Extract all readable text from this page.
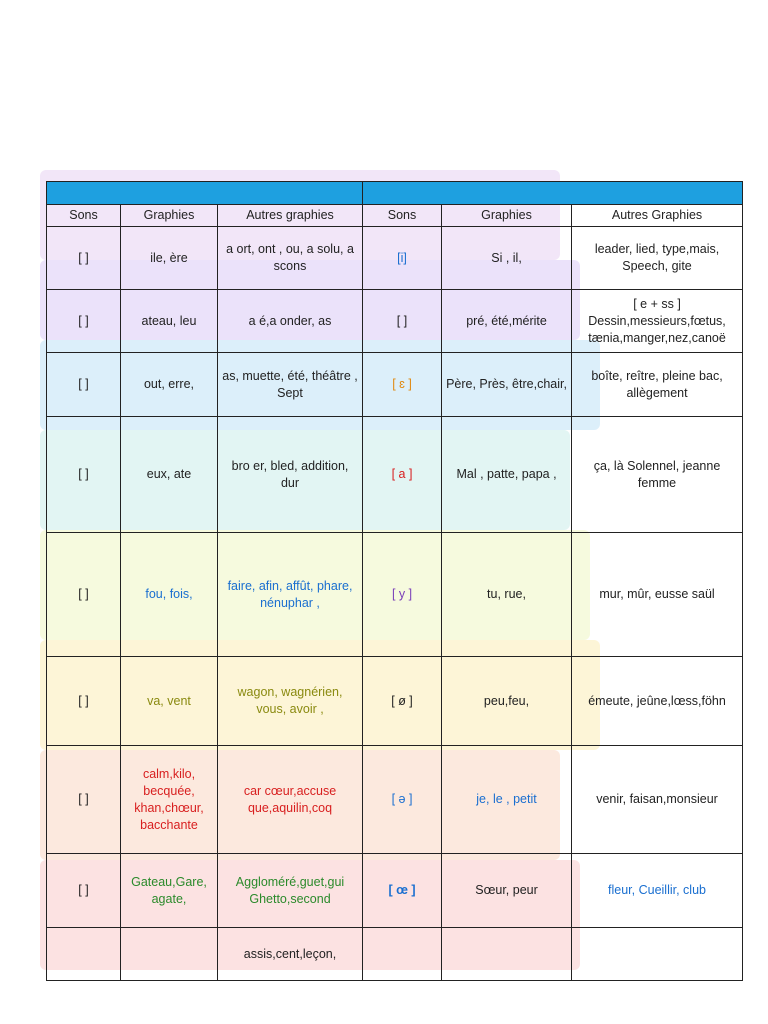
Sons	Graphies	Autres graphies	Sons	Graphies	Autres Graphies
[ ]	ile, ère	a ort, ont , ou, a solu, a scons	[i]	Si , il,	leader, lied, type,mais, Speech, gite
[ ]	ateau, leu	a é,a onder, as	[ ]	pré, été,mérite	[ e + ss ] Dessin,messieurs,fœtus, tænia,manger,nez,canoë
[ ]	out, erre,	as, muette, été, théâtre , Sept	[ ɛ ]	Père, Près, être,chair,	boîte, reître, pleine bac, allègement
[ ]	eux, ate	bro er, bled, addition, dur	[ a ]	Mal , patte, papa ,	ça, là Solennel, jeanne femme
[ ]	fou, fois,	faire, afin, affût, phare, nénuphar ,	[ y ]	tu, rue,	mur, mûr, eusse saül
[ ]	va, vent	wagon, wagnérien, vous, avoir ,	[ ø ]	peu,feu,	émeute, jeûne,lœss,föhn
[ ]	calm,kilo, becquée, khan,chœur, bacchante	car cœur,accuse que,aquilin,coq	[ ə ]	je, le , petit	venir, faisan,monsieur
[ ]	Gateau,Gare, agate,	Aggloméré,guet,gui Ghetto,second	[ œ ]	Sœur, peur	fleur, Cueillir, club
		assis,cent,leçon,			
